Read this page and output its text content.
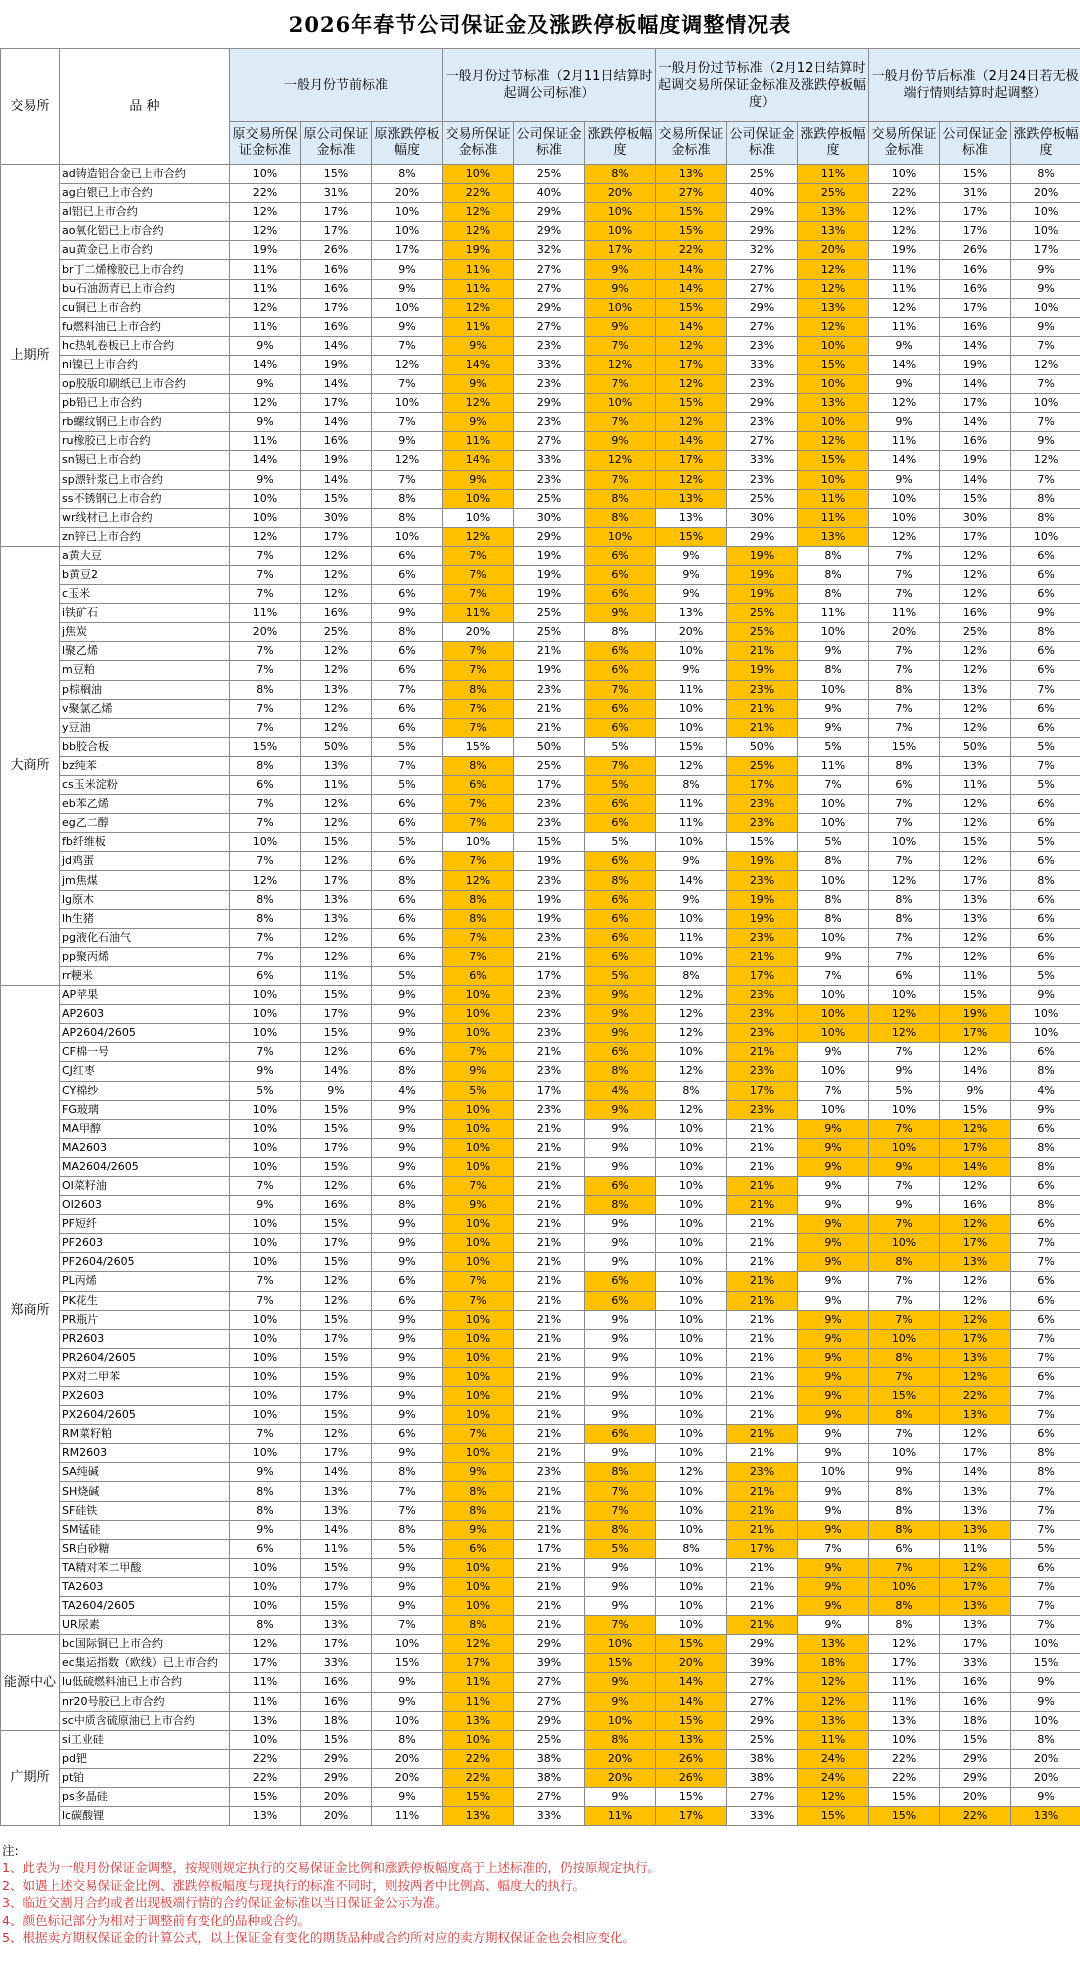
2026年春节公司保证金及涨跌停板幅度调整情况表
交易所	品 种	一般月份节前标准			一般月份过节标准（2月11日结算时起调公司标准）			一般月份过节标准（2月12日结算时起调交易所保证金标准及涨跌停板幅度）			一般月份节后标准（2月24日若无极端行情则结算时起调整）		
		原交易所保证金标准	原公司保证金标准	原涨跌停板幅度	交易所保证金标准	公司保证金标准	涨跌停板幅度	交易所保证金标准	公司保证金标准	涨跌停板幅度	交易所保证金标准	公司保证金标准	涨跌停板幅度
上期所	ad铸造铝合金已上市合约	10%	15%	8%	10%	25%	8%	13%	25%	11%	10%	15%	8%
	ag白银已上市合约	22%	31%	20%	22%	40%	20%	27%	40%	25%	22%	31%	20%
	al铝已上市合约	12%	17%	10%	12%	29%	10%	15%	29%	13%	12%	17%	10%
	ao氧化铝已上市合约	12%	17%	10%	12%	29%	10%	15%	29%	13%	12%	17%	10%
	au黄金已上市合约	19%	26%	17%	19%	32%	17%	22%	32%	20%	19%	26%	17%
	br丁二烯橡胶已上市合约	11%	16%	9%	11%	27%	9%	14%	27%	12%	11%	16%	9%
	bu石油沥青已上市合约	11%	16%	9%	11%	27%	9%	14%	27%	12%	11%	16%	9%
	cu铜已上市合约	12%	17%	10%	12%	29%	10%	15%	29%	13%	12%	17%	10%
	fu燃料油已上市合约	11%	16%	9%	11%	27%	9%	14%	27%	12%	11%	16%	9%
	hc热轧卷板已上市合约	9%	14%	7%	9%	23%	7%	12%	23%	10%	9%	14%	7%
	ni镍已上市合约	14%	19%	12%	14%	33%	12%	17%	33%	15%	14%	19%	12%
	op胶版印刷纸已上市合约	9%	14%	7%	9%	23%	7%	12%	23%	10%	9%	14%	7%
	pb铅已上市合约	12%	17%	10%	12%	29%	10%	15%	29%	13%	12%	17%	10%
	rb螺纹钢已上市合约	9%	14%	7%	9%	23%	7%	12%	23%	10%	9%	14%	7%
	ru橡胶已上市合约	11%	16%	9%	11%	27%	9%	14%	27%	12%	11%	16%	9%
	sn锡已上市合约	14%	19%	12%	14%	33%	12%	17%	33%	15%	14%	19%	12%
	sp漂针浆已上市合约	9%	14%	7%	9%	23%	7%	12%	23%	10%	9%	14%	7%
	ss不锈钢已上市合约	10%	15%	8%	10%	25%	8%	13%	25%	11%	10%	15%	8%
	wr线材已上市合约	10%	30%	8%	10%	30%	8%	13%	30%	11%	10%	30%	8%
	zn锌已上市合约	12%	17%	10%	12%	29%	10%	15%	29%	13%	12%	17%	10%
大商所	a黄大豆	7%	12%	6%	7%	19%	6%	9%	19%	8%	7%	12%	6%
	b黄豆2	7%	12%	6%	7%	19%	6%	9%	19%	8%	7%	12%	6%
	c玉米	7%	12%	6%	7%	19%	6%	9%	19%	8%	7%	12%	6%
	i铁矿石	11%	16%	9%	11%	25%	9%	13%	25%	11%	11%	16%	9%
	j焦炭	20%	25%	8%	20%	25%	8%	20%	25%	10%	20%	25%	8%
	l聚乙烯	7%	12%	6%	7%	21%	6%	10%	21%	9%	7%	12%	6%
	m豆粕	7%	12%	6%	7%	19%	6%	9%	19%	8%	7%	12%	6%
	p棕榈油	8%	13%	7%	8%	23%	7%	11%	23%	10%	8%	13%	7%
	v聚氯乙烯	7%	12%	6%	7%	21%	6%	10%	21%	9%	7%	12%	6%
	y豆油	7%	12%	6%	7%	21%	6%	10%	21%	9%	7%	12%	6%
	bb胶合板	15%	50%	5%	15%	50%	5%	15%	50%	5%	15%	50%	5%
	bz纯苯	8%	13%	7%	8%	25%	7%	12%	25%	11%	8%	13%	7%
	cs玉米淀粉	6%	11%	5%	6%	17%	5%	8%	17%	7%	6%	11%	5%
	eb苯乙烯	7%	12%	6%	7%	23%	6%	11%	23%	10%	7%	12%	6%
	eg乙二醇	7%	12%	6%	7%	23%	6%	11%	23%	10%	7%	12%	6%
	fb纤维板	10%	15%	5%	10%	15%	5%	10%	15%	5%	10%	15%	5%
	jd鸡蛋	7%	12%	6%	7%	19%	6%	9%	19%	8%	7%	12%	6%
	jm焦煤	12%	17%	8%	12%	23%	8%	14%	23%	10%	12%	17%	8%
	lg原木	8%	13%	6%	8%	19%	6%	9%	19%	8%	8%	13%	6%
	lh生猪	8%	13%	6%	8%	19%	6%	10%	19%	8%	8%	13%	6%
	pg液化石油气	7%	12%	6%	7%	23%	6%	11%	23%	10%	7%	12%	6%
	pp聚丙烯	7%	12%	6%	7%	21%	6%	10%	21%	9%	7%	12%	6%
	rr粳米	6%	11%	5%	6%	17%	5%	8%	17%	7%	6%	11%	5%
郑商所	AP苹果	10%	15%	9%	10%	23%	9%	12%	23%	10%	10%	15%	9%
	AP2603	10%	17%	9%	10%	23%	9%	12%	23%	10%	12%	19%	10%
	AP2604/2605	10%	15%	9%	10%	23%	9%	12%	23%	10%	12%	17%	10%
	CF棉一号	7%	12%	6%	7%	21%	6%	10%	21%	9%	7%	12%	6%
	CJ红枣	9%	14%	8%	9%	23%	8%	12%	23%	10%	9%	14%	8%
	CY棉纱	5%	9%	4%	5%	17%	4%	8%	17%	7%	5%	9%	4%
	FG玻璃	10%	15%	9%	10%	23%	9%	12%	23%	10%	10%	15%	9%
	MA甲醇	10%	15%	9%	10%	21%	9%	10%	21%	9%	7%	12%	6%
	MA2603	10%	17%	9%	10%	21%	9%	10%	21%	9%	10%	17%	8%
	MA2604/2605	10%	15%	9%	10%	21%	9%	10%	21%	9%	9%	14%	8%
	OI菜籽油	7%	12%	6%	7%	21%	6%	10%	21%	9%	7%	12%	6%
	OI2603	9%	16%	8%	9%	21%	8%	10%	21%	9%	9%	16%	8%
	PF短纤	10%	15%	9%	10%	21%	9%	10%	21%	9%	7%	12%	6%
	PF2603	10%	17%	9%	10%	21%	9%	10%	21%	9%	10%	17%	7%
	PF2604/2605	10%	15%	9%	10%	21%	9%	10%	21%	9%	8%	13%	7%
	PL丙烯	7%	12%	6%	7%	21%	6%	10%	21%	9%	7%	12%	6%
	PK花生	7%	12%	6%	7%	21%	6%	10%	21%	9%	7%	12%	6%
	PR瓶片	10%	15%	9%	10%	21%	9%	10%	21%	9%	7%	12%	6%
	PR2603	10%	17%	9%	10%	21%	9%	10%	21%	9%	10%	17%	7%
	PR2604/2605	10%	15%	9%	10%	21%	9%	10%	21%	9%	8%	13%	7%
	PX对二甲苯	10%	15%	9%	10%	21%	9%	10%	21%	9%	7%	12%	6%
	PX2603	10%	17%	9%	10%	21%	9%	10%	21%	9%	15%	22%	7%
	PX2604/2605	10%	15%	9%	10%	21%	9%	10%	21%	9%	8%	13%	7%
	RM菜籽粕	7%	12%	6%	7%	21%	6%	10%	21%	9%	7%	12%	6%
	RM2603	10%	17%	9%	10%	21%	9%	10%	21%	9%	10%	17%	8%
	SA纯碱	9%	14%	8%	9%	23%	8%	12%	23%	10%	9%	14%	8%
	SH烧碱	8%	13%	7%	8%	21%	7%	10%	21%	9%	8%	13%	7%
	SF硅铁	8%	13%	7%	8%	21%	7%	10%	21%	9%	8%	13%	7%
	SM锰硅	9%	14%	8%	9%	21%	8%	10%	21%	9%	8%	13%	7%
	SR白砂糖	6%	11%	5%	6%	17%	5%	8%	17%	7%	6%	11%	5%
	TA精对苯二甲酸	10%	15%	9%	10%	21%	9%	10%	21%	9%	7%	12%	6%
	TA2603	10%	17%	9%	10%	21%	9%	10%	21%	9%	10%	17%	7%
	TA2604/2605	10%	15%	9%	10%	21%	9%	10%	21%	9%	8%	13%	7%
	UR尿素	8%	13%	7%	8%	21%	7%	10%	21%	9%	8%	13%	7%
能源中心	bc国际铜已上市合约	12%	17%	10%	12%	29%	10%	15%	29%	13%	12%	17%	10%
	ec集运指数（欧线）已上市合约	17%	33%	15%	17%	39%	15%	20%	39%	18%	17%	33%	15%
	lu低硫燃料油已上市合约	11%	16%	9%	11%	27%	9%	14%	27%	12%	11%	16%	9%
	nr20号胶已上市合约	11%	16%	9%	11%	27%	9%	14%	27%	12%	11%	16%	9%
	sc中质含硫原油已上市合约	13%	18%	10%	13%	29%	10%	15%	29%	13%	13%	18%	10%
广期所	si工业硅	10%	15%	8%	10%	25%	8%	13%	25%	11%	10%	15%	8%
	pd钯	22%	29%	20%	22%	38%	20%	26%	38%	24%	22%	29%	20%
	pt铂	22%	29%	20%	22%	38%	20%	26%	38%	24%	22%	29%	20%
	ps多晶硅	15%	20%	9%	15%	27%	9%	15%	27%	12%	15%	20%	9%
	lc碳酸锂	13%	20%	11%	13%	33%	11%	17%	33%	15%	15%	22%	13%
注:
1、此表为一般月份保证金调整，按规则规定执行的交易保证金比例和涨跌停板幅度高于上述标准的，仍按原规定执行。
2、如遇上述交易保证金比例、涨跌停板幅度与现执行的标准不同时，则按两者中比例高、幅度大的执行。
3、临近交割月合约或者出现极端行情的合约保证金标准以当日保证金公示为准。
4、颜色标记部分为相对于调整前有变化的品种或合约。
5、根据卖方期权保证金的计算公式，以上保证金有变化的期货品种或合约所对应的卖方期权保证金也会相应变化。
